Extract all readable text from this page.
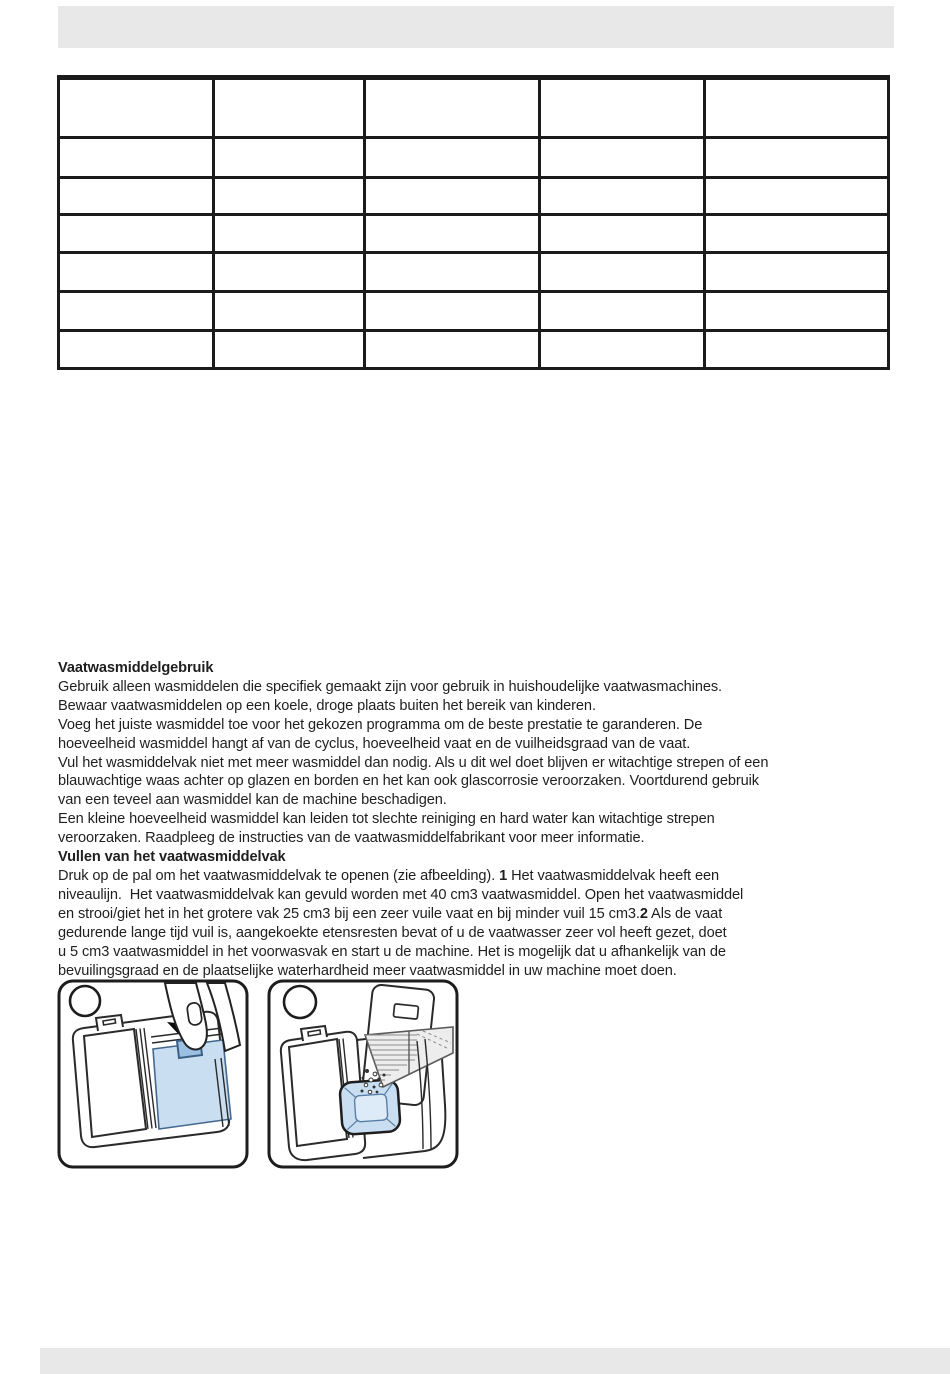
Vaatwasmiddelgebruik
Gebruik alleen wasmiddelen die specifiek gemaakt zijn voor gebruik in huishoudelijke vaatwasmachines.
Bewaar vaatwasmiddelen op een koele, droge plaats buiten het bereik van kinderen.
Voeg het juiste wasmiddel toe voor het gekozen programma om de beste prestatie te garanderen. De
hoeveelheid wasmiddel hangt af van de cyclus, hoeveelheid vaat en de vuilheidsgraad van de vaat.
Vul het wasmiddelvak niet met meer wasmiddel dan nodig. Als u dit wel doet blijven er witachtige strepen of een
blauwachtige waas achter op glazen en borden en het kan ook glascorrosie veroorzaken. Voortdurend gebruik
van een teveel aan wasmiddel kan de machine beschadigen.
Een kleine hoeveelheid wasmiddel kan leiden tot slechte reiniging en hard water kan witachtige strepen
veroorzaken. Raadpleeg de instructies van de vaatwasmiddelfabrikant voor meer informatie.
Vullen van het vaatwasmiddelvak
Druk op de pal om het vaatwasmiddelvak te openen (zie afbeelding). 1 Het vaatwasmiddelvak heeft een
niveaulijn.  Het vaatwasmiddelvak kan gevuld worden met 40 cm3 vaatwasmiddel. Open het vaatwasmiddel
en strooi/giet het in het grotere vak 25 cm3 bij een zeer vuile vaat en bij minder vuil 15 cm3.2 Als de vaat
gedurende lange tijd vuil is, aangekoekte etensresten bevat of u de vaatwasser zeer vol heeft gezet, doet
u 5 cm3 vaatwasmiddel in het voorwasvak en start u de machine. Het is mogelijk dat u afhankelijk van de
bevuilingsgraad en de plaatselijke waterhardheid meer vaatwasmiddel in uw machine moet doen.
